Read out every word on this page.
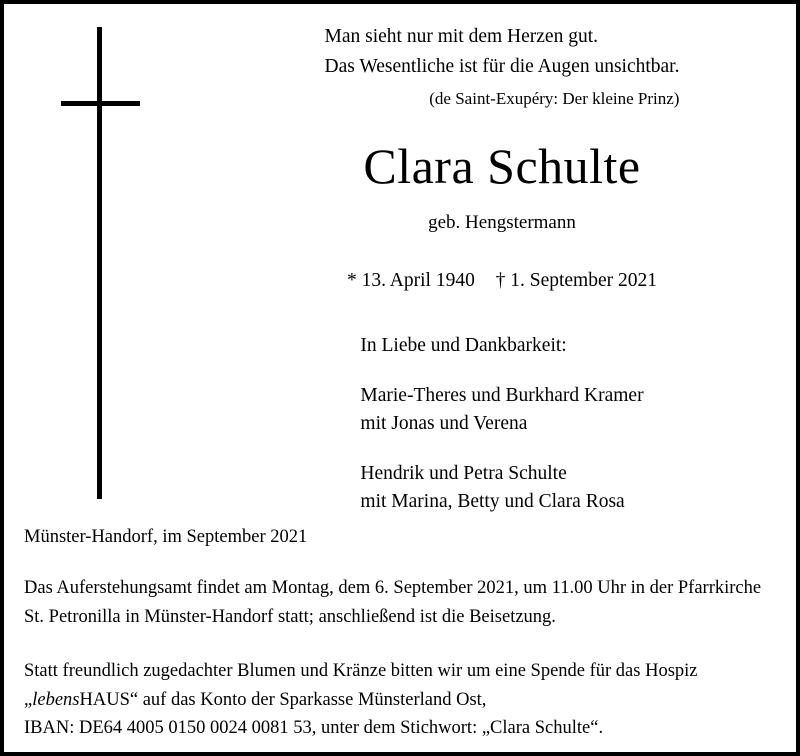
Man sieht nur mit dem Herzen gut.
Das Wesentliche ist für die Augen unsichtbar.
(de Saint-Exupéry: Der kleine Prinz)
Clara Schulte
geb. Hengstermann
* 13. April 1940 † 1. September 2021
In Liebe und Dankbarkeit:
Marie-Theres und Burkhard Kramer
mit Jonas und Verena
Hendrik und Petra Schulte
mit Marina, Betty und Clara Rosa
Münster-Handorf, im September 2021
Das Auferstehungsamt findet am Montag, dem 6. September 2021, um 11.00 Uhr in der Pfarrkirche St. Petronilla in Münster-Handorf statt; anschließend ist die Beisetzung.
Statt freundlich zugedachter Blumen und Kränze bitten wir um eine Spende für das Hospiz „lebensHAUS“ auf das Konto der Sparkasse Münsterland Ost,
IBAN: DE64 4005 0150 0024 0081 53, unter dem Stichwort: „Clara Schulte“.
